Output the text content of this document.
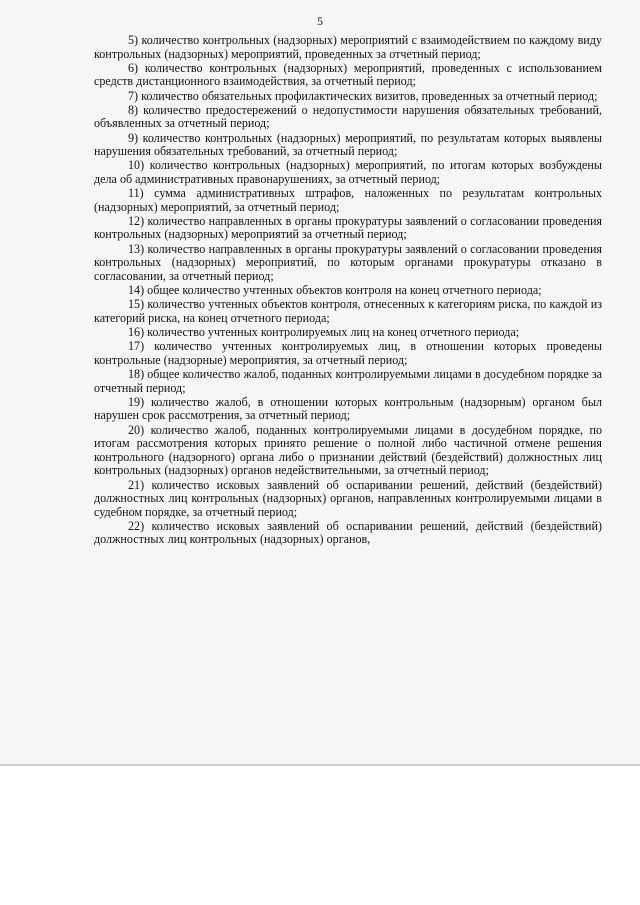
5

5) количество контрольных (надзорных) мероприятий с взаимодействием по каждому виду контрольных (надзорных) мероприятий, проведенных за отчетный период;

6) количество контрольных (надзорных) мероприятий, проведенных с использованием средств дистанционного взаимодействия, за отчетный период;

7) количество обязательных профилактических визитов, проведенных за отчетный период;

8) количество предостережений о недопустимости нарушения обязательных требований, объявленных за отчетный период;

9) количество контрольных (надзорных) мероприятий, по результатам которых выявлены нарушения обязательных требований, за отчетный период;

10) количество контрольных (надзорных) мероприятий, по итогам которых возбуждены дела об административных правонарушениях, за отчетный период;

11) сумма административных штрафов, наложенных по результатам контрольных (надзорных) мероприятий, за отчетный период;

12) количество направленных в органы прокуратуры заявлений о согласовании проведения контрольных (надзорных) мероприятий за отчетный период;

13) количество направленных в органы прокуратуры заявлений о согласовании проведения контрольных (надзорных) мероприятий, по которым органами прокуратуры отказано в согласовании, за отчетный период;

14) общее количество учтенных объектов контроля на конец отчетного периода;

15) количество учтенных объектов контроля, отнесенных к категориям риска, по каждой из категорий риска, на конец отчетного периода;

16) количество учтенных контролируемых лиц на конец отчетного периода;

17) количество учтенных контролируемых лиц, в отношении которых проведены контрольные (надзорные) мероприятия, за отчетный период;

18) общее количество жалоб, поданных контролируемыми лицами в досудебном порядке за отчетный период;

19) количество жалоб, в отношении которых контрольным (надзорным) органом был нарушен срок рассмотрения, за отчетный период;

20) количество жалоб, поданных контролируемыми лицами в досудебном порядке, по итогам рассмотрения которых принято решение о полной либо частичной отмене решения контрольного (надзорного) органа либо о признании действий (бездействий) должностных лиц контрольных (надзорных) органов недействительными, за отчетный период;

21) количество исковых заявлений об оспаривании решений, действий (бездействий) должностных лиц контрольных (надзорных) органов, направленных контролируемыми лицами в судебном порядке, за отчетный период;

22) количество исковых заявлений об оспаривании решений, действий (бездействий) должностных лиц контрольных (надзорных) органов,
